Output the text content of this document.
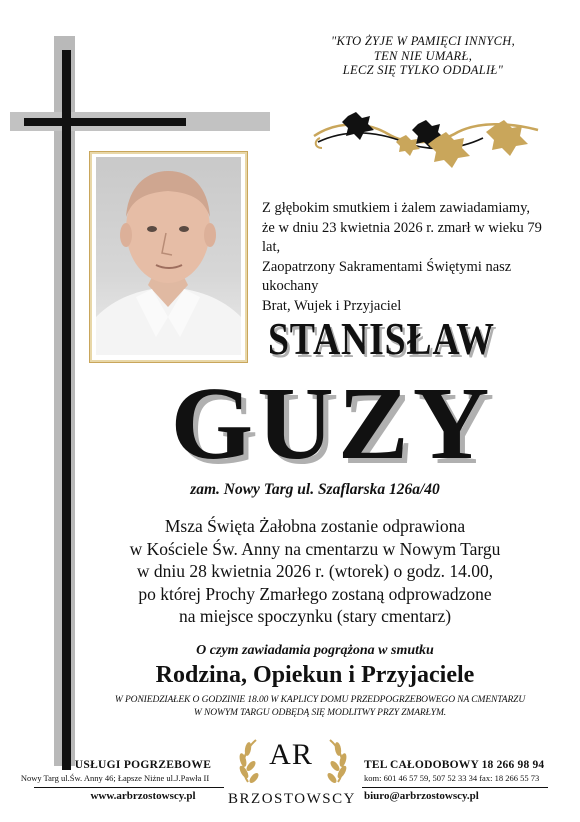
"KTO ŻYJE W PAMIĘCI INNYCH,
TEN NIE UMARŁ,
LECZ SIĘ TYLKO ODDALIŁ"
Z głębokim smutkiem i żalem zawiadamiamy,
że w dniu 23 kwietnia 2026 r. zmarł w wieku 79 lat,
Zaopatrzony Sakramentami Świętymi nasz ukochany
Brat, Wujek i Przyjaciel
STANISŁAW
GUZY
zam. Nowy Targ ul. Szaflarska 126a/40
Msza Święta Żałobna zostanie odprawiona
w Kościele Św. Anny na cmentarzu w Nowym Targu
w dniu 28 kwietnia 2026 r. (wtorek) o godz. 14.00,
po której Prochy Zmarłego zostaną odprowadzone
na miejsce spoczynku (stary cmentarz)
O czym zawiadamia pogrążona w smutku
Rodzina, Opiekun i Przyjaciele
W PONIEDZIAŁEK O GODZINIE 18.00 W KAPLICY DOMU PRZEDPOGRZEBOWEGO NA CMENTARZU
W NOWYM TARGU ODBĘDĄ SIĘ MODLITWY PRZY ZMARŁYM.
USŁUGI POGRZEBOWE
Nowy Targ ul.Św. Anny 46; Łapsze Niżne ul.J.Pawła II
www.arbrzostowscy.pl
AR
BRZOSTOWSCY
TEL CAŁODOBOWY 18 266 98 94
kom: 601 46 57 59, 507 52 33 34 fax: 18 266 55 73
biuro@arbrzostowscy.pl
